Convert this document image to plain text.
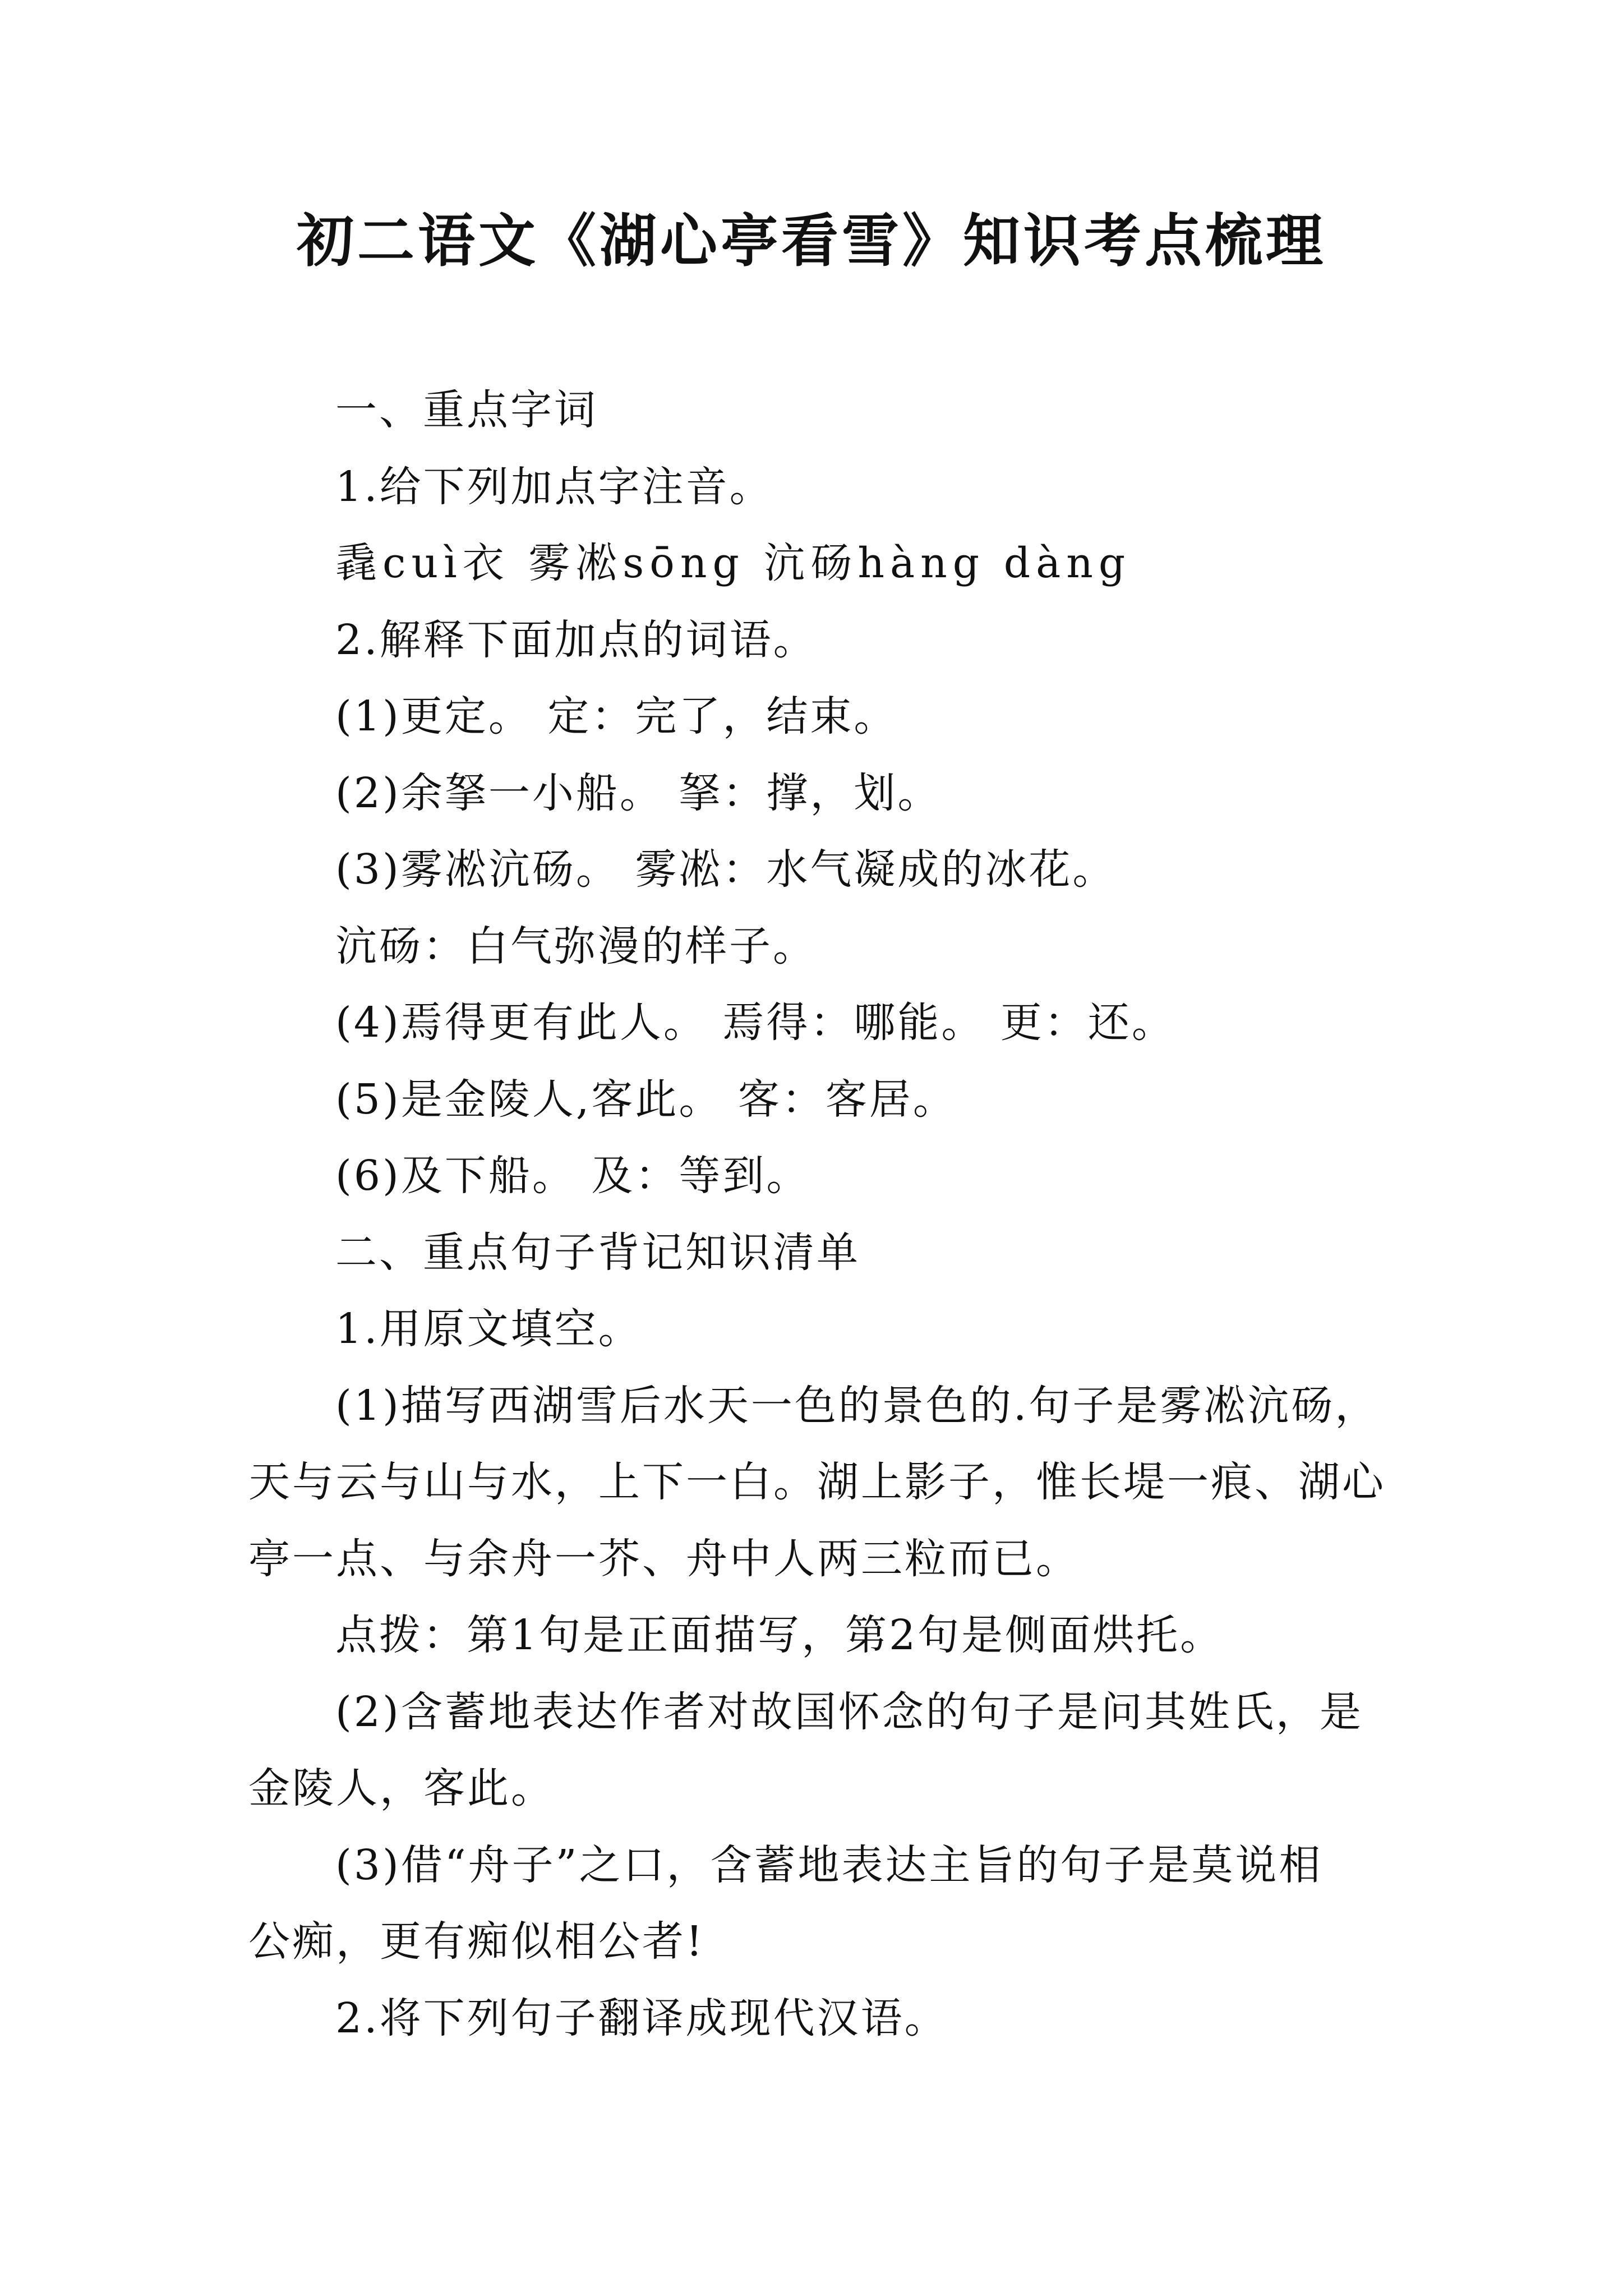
初二语文《湖心亭看雪》知识考点梳理
一、重点字词
1.给下列加点字注音。
毳cuì衣 雾凇sōng 沆砀hàng dàng
2.解释下面加点的词语。
(1)更定。 定：完了，结束。
(2)余拏一小船。 拏：撑，划。
(3)雾凇沆砀。 雾凇：水气凝成的冰花。
沆砀：白气弥漫的样子。
(4)焉得更有此人。 焉得：哪能。 更：还。
(5)是金陵人,客此。 客：客居。
(6)及下船。 及：等到。
二、重点句子背记知识清单
1.用原文填空。
(1)描写西湖雪后水天一色的景色的.句子是雾凇沆砀，
天与云与山与水，上下一白。湖上影子，惟长堤一痕、湖心
亭一点、与余舟一芥、舟中人两三粒而已。
点拨：第1句是正面描写，第2句是侧面烘托。
(2)含蓄地表达作者对故国怀念的句子是问其姓氏，是
金陵人，客此。
(3)借“舟子”之口，含蓄地表达主旨的句子是莫说相
公痴，更有痴似相公者!
2.将下列句子翻译成现代汉语。
